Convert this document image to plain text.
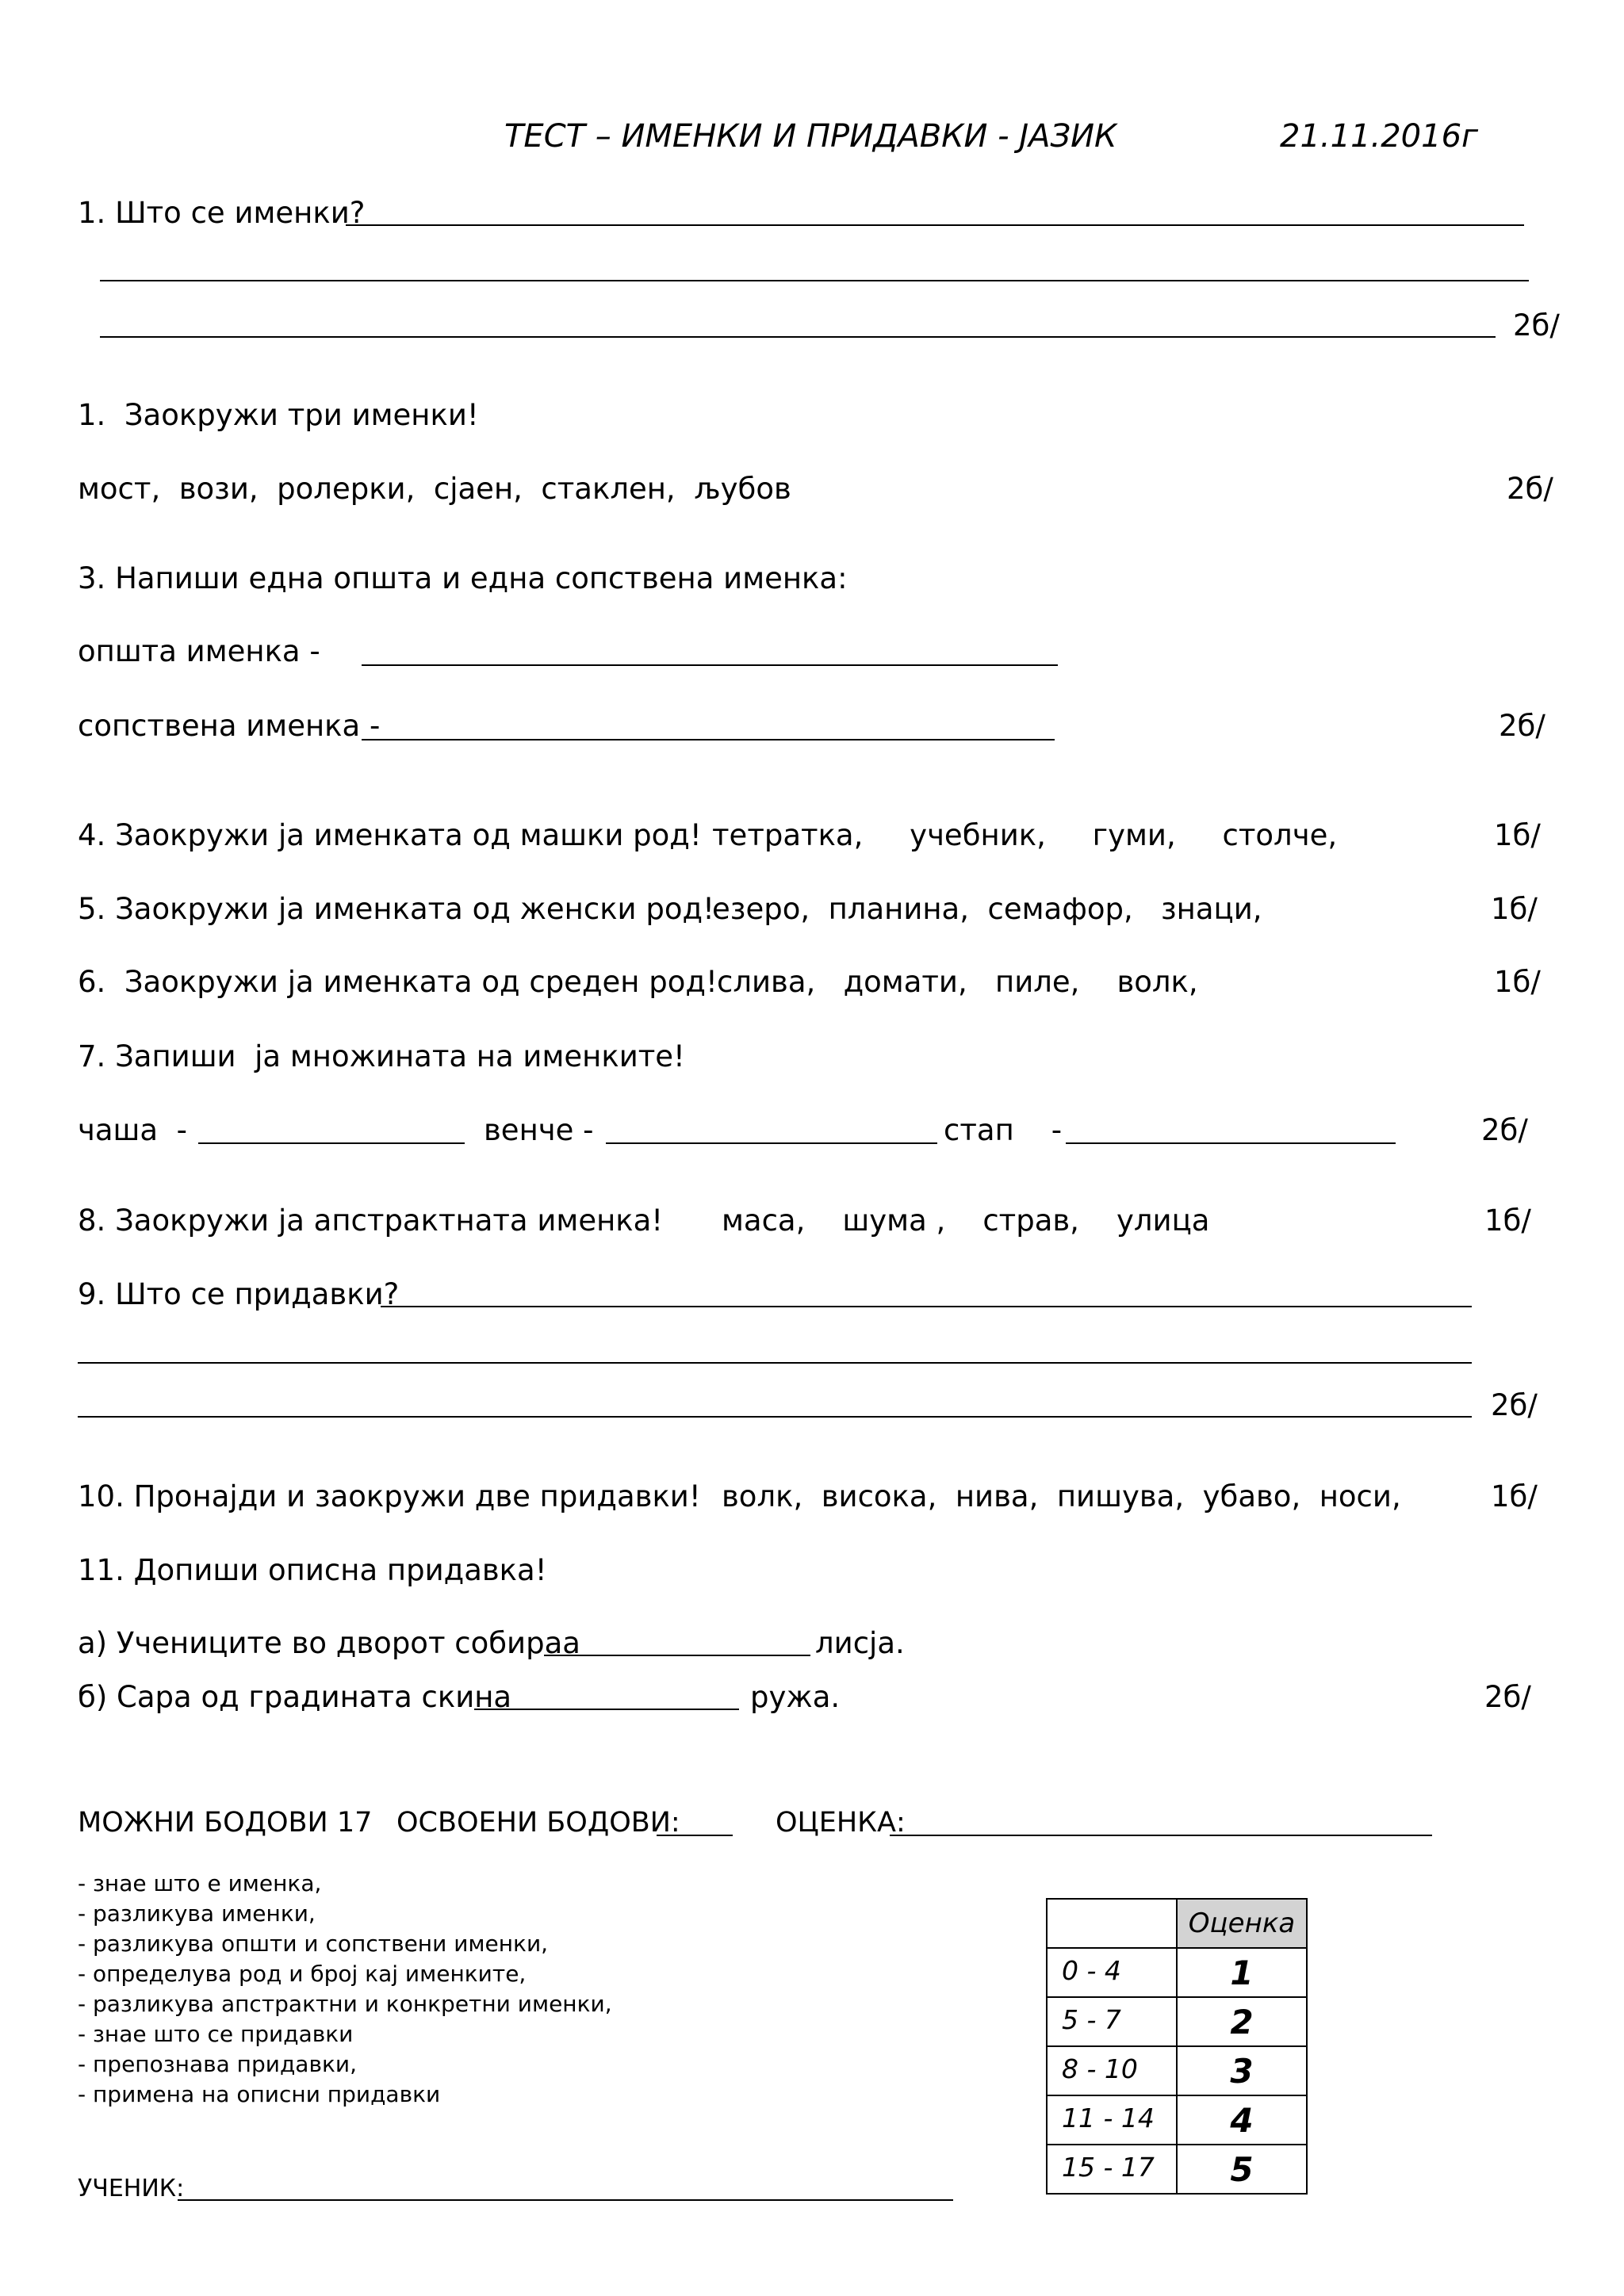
ТЕСТ – ИМЕНКИ И ПРИДАВКИ - ЈАЗИК	21.11.2016г
1. Што се именки?
2б/
1.  Заокружи три именки!
мост,  вози,  ролерки,  сјаен,  стаклен,  љубов	2б/
3. Напиши една општа и една сопствена именка:
општа именка -
сопствена именка -	2б/
4. Заокружи ја именката од машки род! тетратка,     учебник,     гуми,     столче,	1б/
5. Заокружи ја именката од женски род!
езеро,  планина,  семафор,   знаци,	1б/
6.  Заокружи ја именката од среден род! слива,   домати,   пиле,    волк,	1б/
7. Запиши  ја множината на именките!
чаша  -	венче -	стап    -	2б/
8. Заокружи ја апстрактната именка! маса,    шума ,    страв,    улица	1б/
9. Што се придавки?
2б/
10. Пронајди и заокружи две придавки! волк,  висока,  нива,  пишува,  убаво,  носи,	1б/
11. Допиши описна придавка!
а) Учениците во дворот собираа	лисја.
б) Сара од градината скина	ружа.	2б/
МОЖНИ БОДОВИ 17 ОСВОЕНИ БОДОВИ:	ОЦЕНКА:
- знае што е именка,
- разликува именки,
- разликува општи и сопствени именки,
- определува род и број кај именките,
- разликува апстрактни и конкретни именки,
- знае што се придавки
- препознава придавки,
- примена на описни придавки
УЧЕНИК:
	Оценка
0 - 4	1
5 - 7	2
8 - 10	3
11 - 14	4
15 - 17	5
